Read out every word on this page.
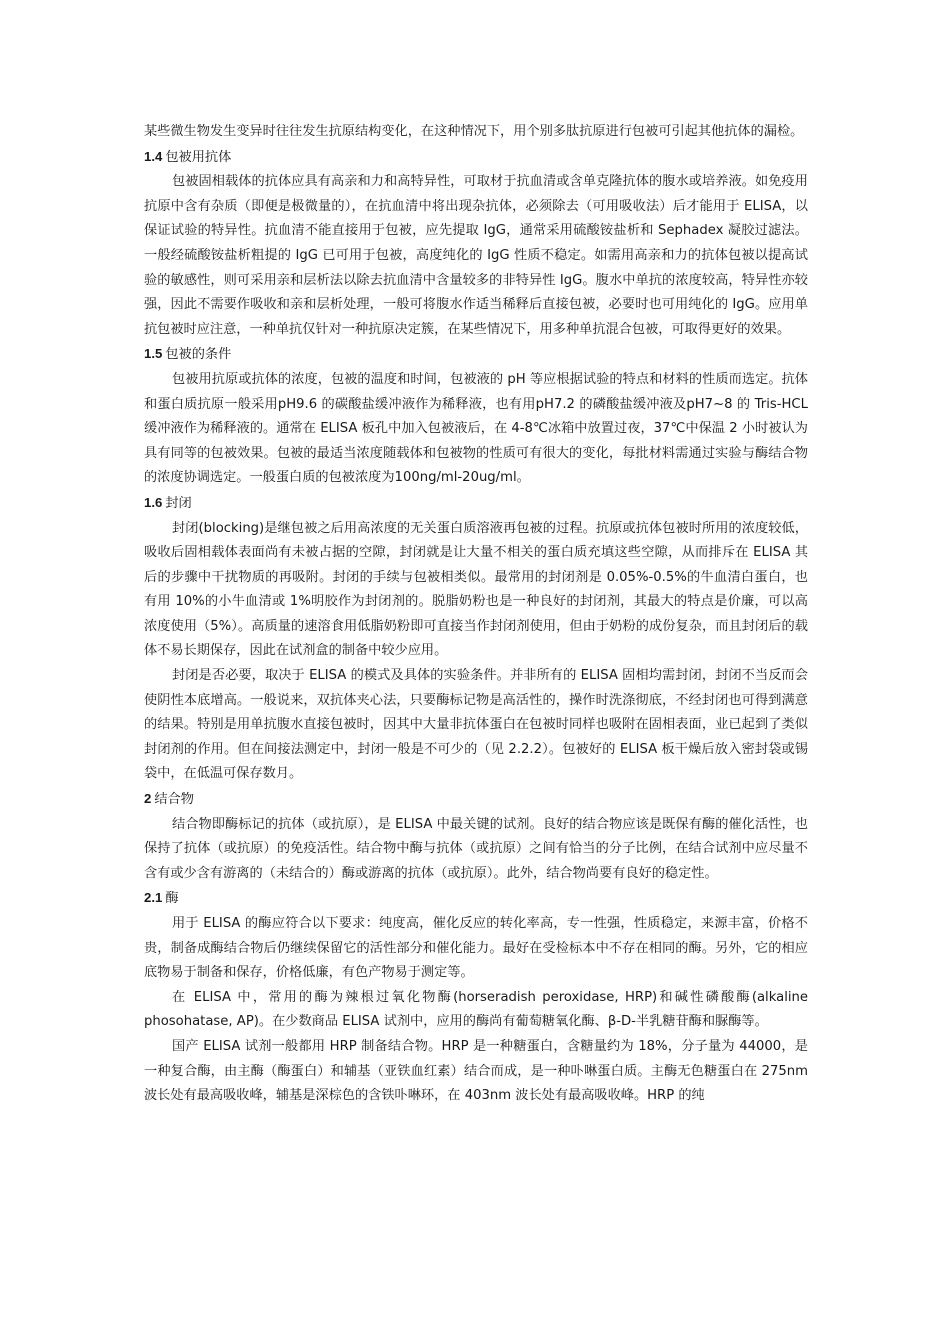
某些微生物发生变异时往往发生抗原结构变化，在这种情况下，用个别多肽抗原进行包被可引起其他抗体的漏检。

1.4 包被用抗体

包被固相载体的抗体应具有高亲和力和高特异性，可取材于抗血清或含单克隆抗体的腹水或培养液。如免疫用抗原中含有杂质（即便是极微量的），在抗血清中将出现杂抗体，必须除去（可用吸收法）后才能用于 ELISA，以保证试验的特异性。抗血清不能直接用于包被，应先提取 IgG，通常采用硫酸铵盐析和 Sephadex 凝胶过滤法。一般经硫酸铵盐析粗提的 IgG 已可用于包被，高度纯化的 IgG 性质不稳定。如需用高亲和力的抗体包被以提高试验的敏感性，则可采用亲和层析法以除去抗血清中含量较多的非特异性 IgG。腹水中单抗的浓度较高，特异性亦较强，因此不需要作吸收和亲和层析处理，一般可将腹水作适当稀释后直接包被，必要时也可用纯化的 IgG。应用单抗包被时应注意，一种单抗仅针对一种抗原决定簇，在某些情况下，用多种单抗混合包被，可取得更好的效果。

1.5 包被的条件

包被用抗原或抗体的浓度，包被的温度和时间，包被液的 pH 等应根据试验的特点和材料的性质而选定。抗体和蛋白质抗原一般采用pH9.6 的碳酸盐缓冲液作为稀释液，也有用pH7.2 的磷酸盐缓冲液及pH7~8 的 Tris-HCL 缓冲液作为稀释液的。通常在 ELISA 板孔中加入包被液后，在 4-8℃冰箱中放置过夜，37℃中保温 2 小时被认为具有同等的包被效果。包被的最适当浓度随载体和包被物的性质可有很大的变化，每批材料需通过实验与酶结合物的浓度协调选定。一般蛋白质的包被浓度为100ng/ml-20ug/ml。

1.6 封闭

封闭(blocking)是继包被之后用高浓度的无关蛋白质溶液再包被的过程。抗原或抗体包被时所用的浓度较低，吸收后固相载体表面尚有未被占据的空隙，封闭就是让大量不相关的蛋白质充填这些空隙，从而排斥在 ELISA 其后的步骤中干扰物质的再吸附。封闭的手续与包被相类似。最常用的封闭剂是 0.05%-0.5%的牛血清白蛋白，也有用 10%的小牛血清或 1%明胶作为封闭剂的。脱脂奶粉也是一种良好的封闭剂，其最大的特点是价廉，可以高浓度使用（5%）。高质量的速溶食用低脂奶粉即可直接当作封闭剂使用，但由于奶粉的成份复杂，而且封闭后的载体不易长期保存，因此在试剂盒的制备中较少应用。

封闭是否必要，取决于 ELISA 的模式及具体的实验条件。并非所有的 ELISA 固相均需封闭，封闭不当反而会使阴性本底增高。一般说来，双抗体夹心法，只要酶标记物是高活性的，操作时洗涤彻底，不经封闭也可得到满意的结果。特别是用单抗腹水直接包被时，因其中大量非抗体蛋白在包被时同样也吸附在固相表面，业已起到了类似封闭剂的作用。但在间接法测定中，封闭一般是不可少的（见 2.2.2）。包被好的 ELISA 板干燥后放入密封袋或锡袋中，在低温可保存数月。

2 结合物

结合物即酶标记的抗体（或抗原），是 ELISA 中最关键的试剂。良好的结合物应该是既保有酶的催化活性，也保持了抗体（或抗原）的免疫活性。结合物中酶与抗体（或抗原）之间有恰当的分子比例，在结合试剂中应尽量不含有或少含有游离的（未结合的）酶或游离的抗体（或抗原）。此外，结合物尚要有良好的稳定性。

2.1 酶

用于 ELISA 的酶应符合以下要求：纯度高，催化反应的转化率高，专一性强，性质稳定，来源丰富，价格不贵，制备成酶结合物后仍继续保留它的活性部分和催化能力。最好在受检标本中不存在相同的酶。另外，它的相应底物易于制备和保存，价格低廉，有色产物易于测定等。

在 ELISA 中，常用的酶为辣根过氧化物酶(horseradish peroxidase, HRP)和碱性磷酸酶(alkaline phosohatase, AP)。在少数商品 ELISA 试剂中，应用的酶尚有葡萄糖氧化酶、β-D-半乳糖苷酶和脲酶等。

国产 ELISA 试剂一般都用 HRP 制备结合物。HRP 是一种糖蛋白，含糖量约为 18%，分子量为 44000，是一种复合酶，由主酶（酶蛋白）和辅基（亚铁血红素）结合而成，是一种卟啉蛋白质。主酶无色糖蛋白在 275nm 波长处有最高吸收峰，辅基是深棕色的含铁卟啉环，在 403nm 波长处有最高吸收峰。HRP 的纯
